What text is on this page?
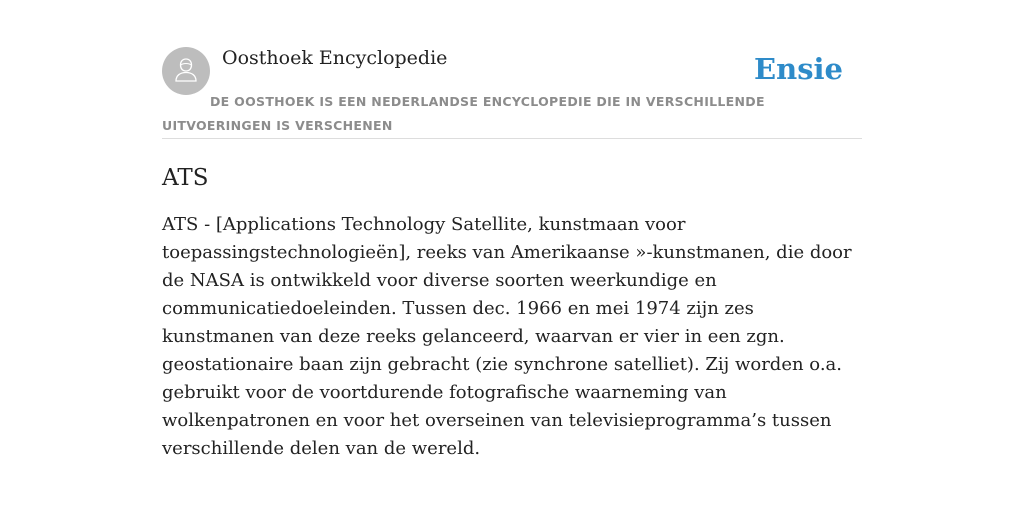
Oosthoek Encyclopedie	Ensie
DE OOSTHOEK IS EEN NEDERLANDSE ENCYCLOPEDIE DIE IN VERSCHILLENDE UITVOERINGEN IS VERSCHENEN
ATS

ATS - [Applications Technology Satellite, kunstmaan voor toepassingstechnologieën], reeks van Amerikaanse »-kunstmanen, die door de NASA is ontwikkeld voor diverse soorten weerkundige en communicatiedoeleinden. Tussen dec. 1966 en mei 1974 zijn zes kunstmanen van deze reeks gelanceerd, waarvan er vier in een zgn. geostationaire baan zijn gebracht (zie synchrone satelliet). Zij worden o.a. gebruikt voor de voortdurende fotografische waarneming van wolkenpatronen en voor het overseinen van televisieprogramma’s tussen verschillende delen van de wereld.
